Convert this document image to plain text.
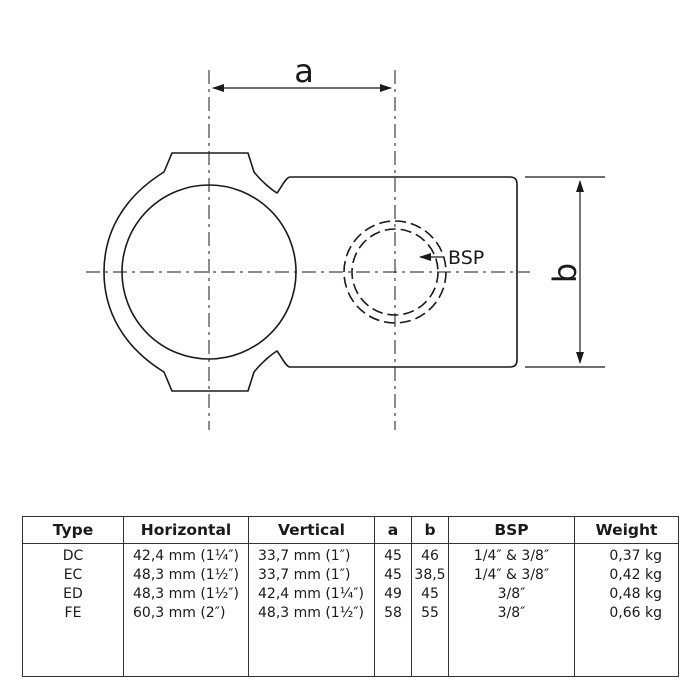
BSP
a
b
Type	Horizontal	Vertical	a	b	BSP	Weight
DC	42,4 mm (1¼″)	33,7 mm (1″)	45	46	1/4″ & 3/8″	0,37 kg
EC	48,3 mm (1½″)	33,7 mm (1″)	45	38,5	1/4″ & 3/8″	0,42 kg
ED	48,3 mm (1½″)	42,4 mm (1¼″)	49	45	3/8″	0,48 kg
FE	60,3 mm (2″)	48,3 mm (1½″)	58	55	3/8″	0,66 kg
